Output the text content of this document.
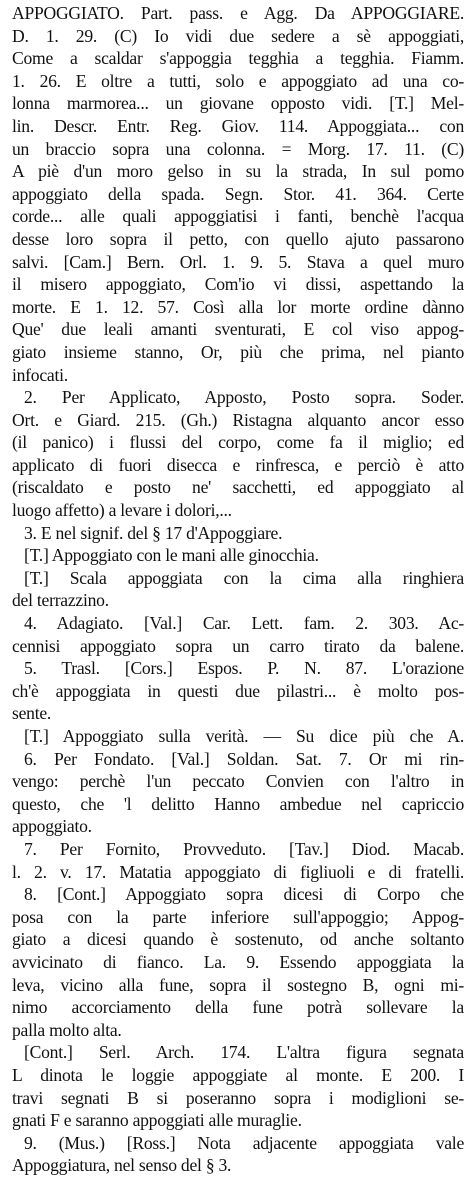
APPOGGIATO. Part. pass. e Agg. Da APPOGGIARE.
D. 1. 29. (C) Io vidi due sedere a sè appoggiati,
Come a scaldar s'appoggia tegghia a tegghia. Fiamm.
1. 26. E oltre a tutti, solo e appoggiato ad una co-
lonna marmorea... un giovane opposto vidi. [T.] Mel-
lin. Descr. Entr. Reg. Giov. 114. Appoggiata... con
un braccio sopra una colonna. = Morg. 17. 11. (C)
A piè d'un moro gelso in su la strada, In sul pomo
appoggiato della spada. Segn. Stor. 41. 364. Certe
corde... alle quali appoggiatisi i fanti, benchè l'acqua
desse loro sopra il petto, con quello ajuto passarono
salvi. [Cam.] Bern. Orl. 1. 9. 5. Stava a quel muro
il misero appoggiato, Com'io vi dissi, aspettando la
morte. E 1. 12. 57. Così alla lor morte ordine dànno
Que' due leali amanti sventurati, E col viso appog-
giato insieme stanno, Or, più che prima, nel pianto
infocati.
2. Per Applicato, Apposto, Posto sopra. Soder.
Ort. e Giard. 215. (Gh.) Ristagna alquanto ancor esso
(il panico) i flussi del corpo, come fa il miglio; ed
applicato di fuori disecca e rinfresca, e perciò è atto
(riscaldato e posto ne' sacchetti, ed appoggiato al
luogo affetto) a levare i dolori,...
3. E nel signif. del § 17 d'Appoggiare.
[T.] Appoggiato con le mani alle ginocchia.
[T.] Scala appoggiata con la cima alla ringhiera
del terrazzino.
4. Adagiato. [Val.] Car. Lett. fam. 2. 303. Ac-
cennisi appoggiato sopra un carro tirato da balene.
5. Trasl. [Cors.] Espos. P. N. 87. L'orazione
ch'è appoggiata in questi due pilastri... è molto pos-
sente.
[T.] Appoggiato sulla verità. — Su dice più che A.
6. Per Fondato. [Val.] Soldan. Sat. 7. Or mi rin-
vengo: perchè l'un peccato Convien con l'altro in
questo, che 'l delitto Hanno ambedue nel capriccio
appoggiato.
7. Per Fornito, Provveduto. [Tav.] Diod. Macab.
l. 2. v. 17. Matatia appoggiato di figliuoli e di fratelli.
8. [Cont.] Appoggiato sopra dicesi di Corpo che
posa con la parte inferiore sull'appoggio; Appog-
giato a dicesi quando è sostenuto, od anche soltanto
avvicinato di fianco. La. 9. Essendo appoggiata la
leva, vicino alla fune, sopra il sostegno B, ogni mi-
nimo accorciamento della fune potrà sollevare la
palla molto alta.
[Cont.] Serl. Arch. 174. L'altra figura segnata
L dinota le loggie appoggiate al monte. E 200. I
travi segnati B si poseranno sopra i modiglioni se-
gnati F e saranno appoggiati alle muraglie.
9. (Mus.) [Ross.] Nota adjacente appoggiata vale
Appoggiatura, nel senso del § 3.
